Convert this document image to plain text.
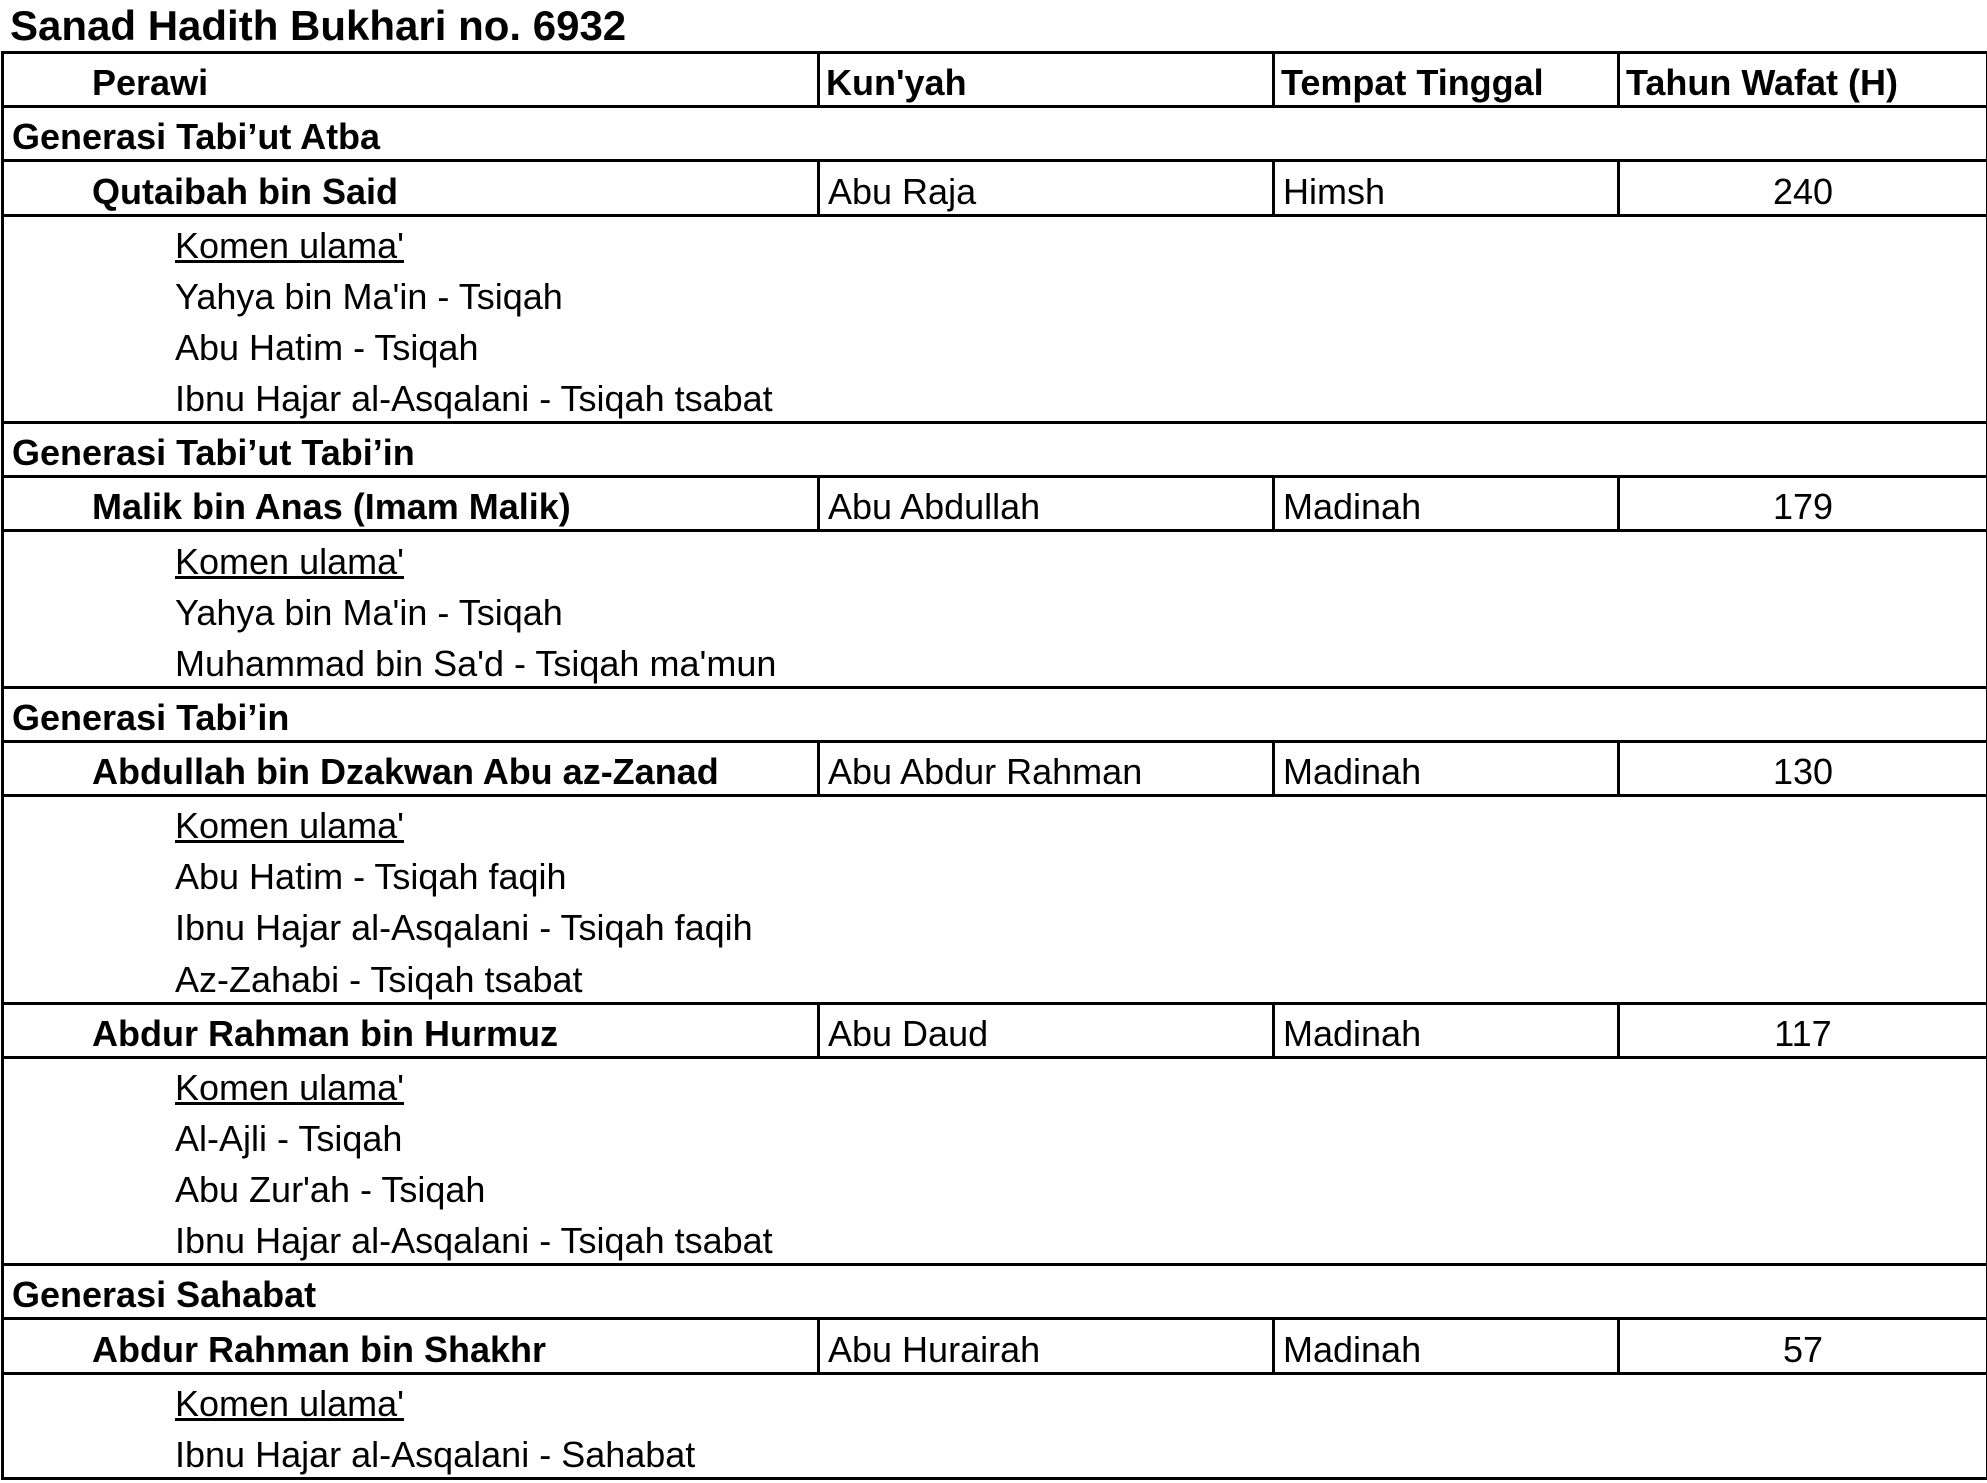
Sanad Hadith Bukhari no. 6932
Perawi	Kun'yah	Tempat Tinggal	Tahun Wafat (H)
Generasi Tabi’ut Atba			
Qutaibah bin Said	Abu Raja	Himsh	240
Komen ulama'			
Yahya bin Ma'in - Tsiqah			
Abu Hatim - Tsiqah			
Ibnu Hajar al-Asqalani - Tsiqah tsabat			
Generasi Tabi’ut Tabi’in			
Malik bin Anas (Imam Malik)	Abu Abdullah	Madinah	179
Komen ulama'			
Yahya bin Ma'in - Tsiqah			
Muhammad bin Sa'd - Tsiqah ma'mun			
Generasi Tabi’in			
Abdullah bin Dzakwan Abu az-Zanad	Abu Abdur Rahman	Madinah	130
Komen ulama'			
Abu Hatim - Tsiqah faqih			
Ibnu Hajar al-Asqalani - Tsiqah faqih			
Az-Zahabi - Tsiqah tsabat			
Abdur Rahman bin Hurmuz	Abu Daud	Madinah	117
Komen ulama'			
Al-Ajli - Tsiqah			
Abu Zur'ah - Tsiqah			
Ibnu Hajar al-Asqalani - Tsiqah tsabat			
Generasi Sahabat			
Abdur Rahman bin Shakhr	Abu Hurairah	Madinah	57
Komen ulama'			
Ibnu Hajar al-Asqalani - Sahabat			
